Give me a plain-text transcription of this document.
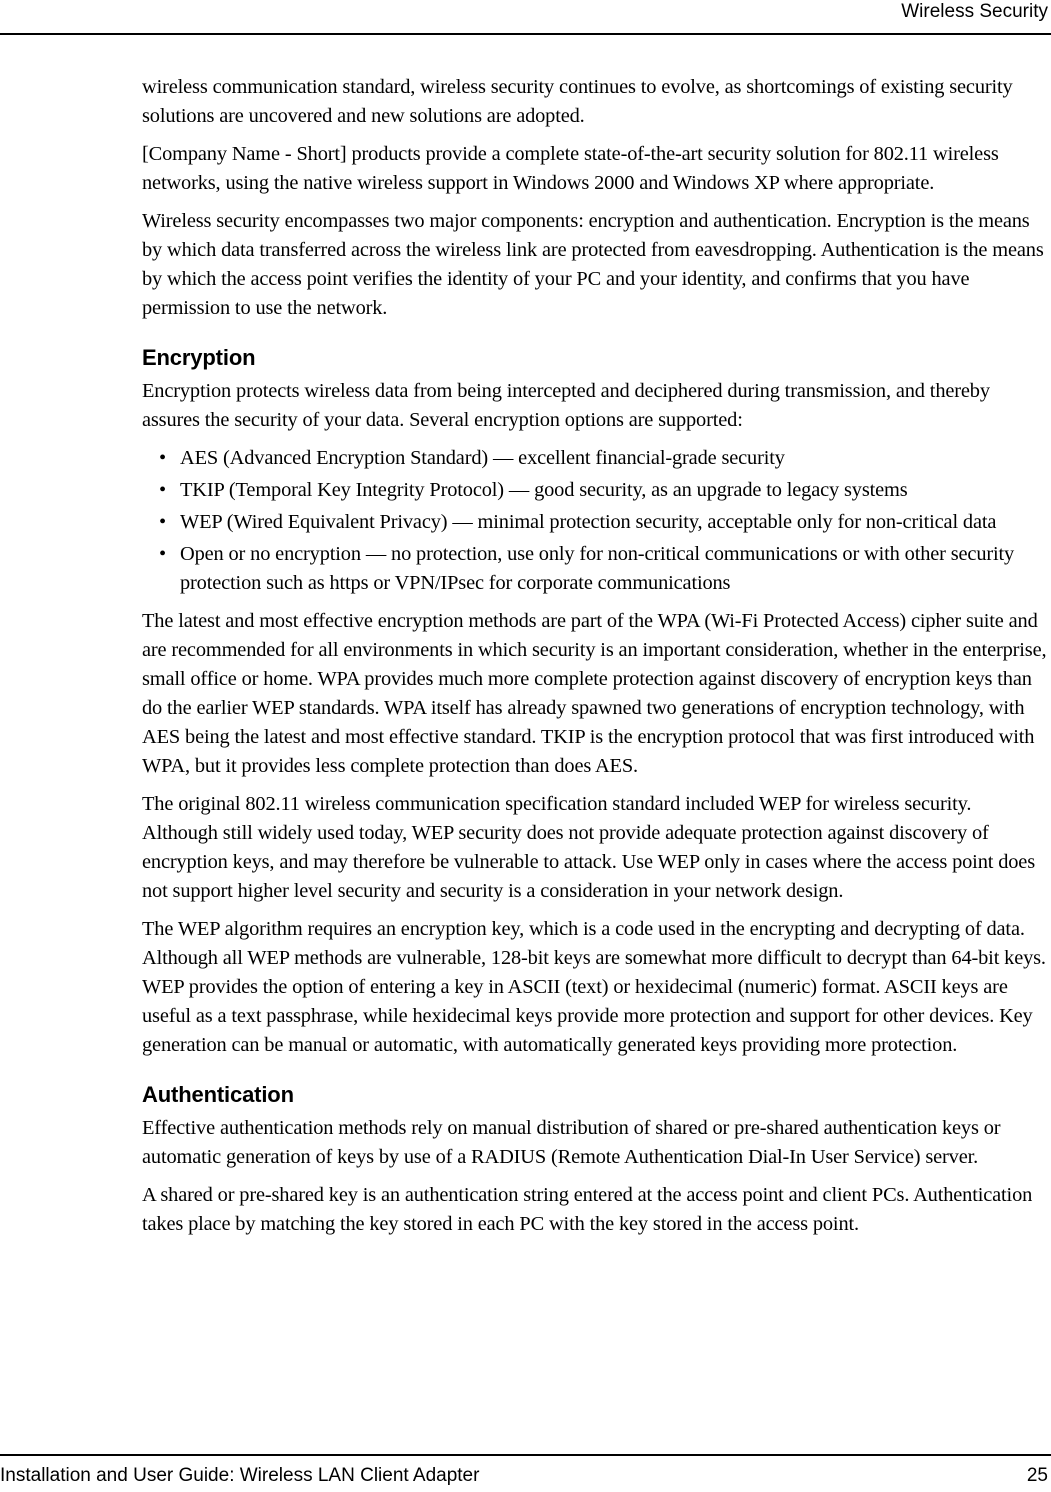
Wireless Security

wireless communication standard, wireless security continues to evolve, as shortcomings of existing security solutions are uncovered and new solutions are adopted.

[Company Name - Short] products provide a complete state-of-the-art security solution for 802.11 wireless networks, using the native wireless support in Windows 2000 and Windows XP where appropriate.

Wireless security encompasses two major components: encryption and authentication. Encryption is the means by which data transferred across the wireless link are protected from eavesdropping. Authentication is the means by which the access point verifies the identity of your PC and your identity, and confirms that you have permission to use the network.

Encryption

Encryption protects wireless data from being intercepted and deciphered during transmission, and thereby assures the security of your data. Several encryption options are supported:

• AES (Advanced Encryption Standard) — excellent financial-grade security
• TKIP (Temporal Key Integrity Protocol) — good security, as an upgrade to legacy systems
• WEP (Wired Equivalent Privacy) — minimal protection security, acceptable only for non-critical data
• Open or no encryption — no protection, use only for non-critical communications or with other security protection such as https or VPN/IPsec for corporate communications

The latest and most effective encryption methods are part of the WPA (Wi-Fi Protected Access) cipher suite and are recommended for all environments in which security is an important consideration, whether in the enterprise, small office or home. WPA provides much more complete protection against discovery of encryption keys than do the earlier WEP standards. WPA itself has already spawned two generations of encryption technology, with AES being the latest and most effective standard. TKIP is the encryption protocol that was first introduced with WPA, but it provides less complete protection than does AES.

The original 802.11 wireless communication specification standard included WEP for wireless security. Although still widely used today, WEP security does not provide adequate protection against discovery of encryption keys, and may therefore be vulnerable to attack. Use WEP only in cases where the access point does not support higher level security and security is a consideration in your network design.

The WEP algorithm requires an encryption key, which is a code used in the encrypting and decrypting of data. Although all WEP methods are vulnerable, 128-bit keys are somewhat more difficult to decrypt than 64-bit keys. WEP provides the option of entering a key in ASCII (text) or hexidecimal (numeric) format. ASCII keys are useful as a text passphrase, while hexidecimal keys provide more protection and support for other devices. Key generation can be manual or automatic, with automatically generated keys providing more protection.

Authentication

Effective authentication methods rely on manual distribution of shared or pre-shared authentication keys or automatic generation of keys by use of a RADIUS (Remote Authentication Dial-In User Service) server.

A shared or pre-shared key is an authentication string entered at the access point and client PCs. Authentication takes place by matching the key stored in each PC with the key stored in the access point.

Installation and User Guide: Wireless LAN Client Adapter	25
